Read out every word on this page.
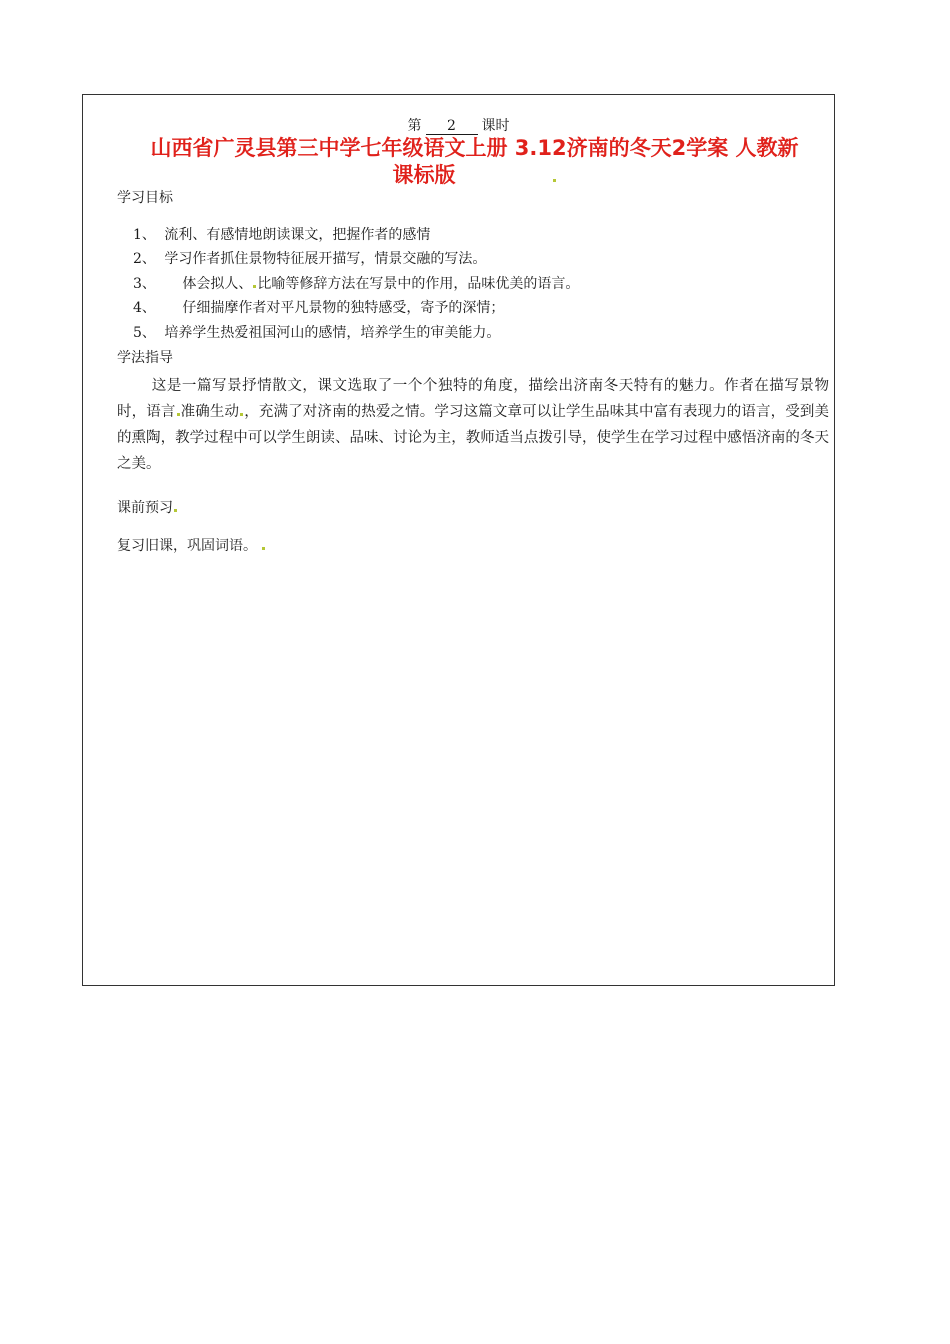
第 2 课时
山西省广灵县第三中学七年级语文上册 3.12济南的冬天2学案 人教新
课标版
学习目标
1、 流利、有感情地朗读课文，把握作者的感情
2、 学习作者抓住景物特征展开描写，情景交融的写法。
3、 体会拟人、 比喻等修辞方法在写景中的作用，品味优美的语言。
4、 仔细揣摩作者对平凡景物的独特感受，寄予的深情；
5、 培养学生热爱祖国河山的感情，培养学生的审美能力。
学法指导
这是一篇写景抒情散文，课文选取了一个个独特的角度，描绘出济南冬天特有的魅力。作者在描写景物时，语言 准确生动 ，充满了对济南的热爱之情。学习这篇文章可以让学生品味其中富有表现力的语言，受到美的熏陶，教学过程中可以学生朗读、品味、讨论为主，教师适当点拨引导，使学生在学习过程中感悟济南的冬天之美。
课前预习
复习旧课，巩固词语。
